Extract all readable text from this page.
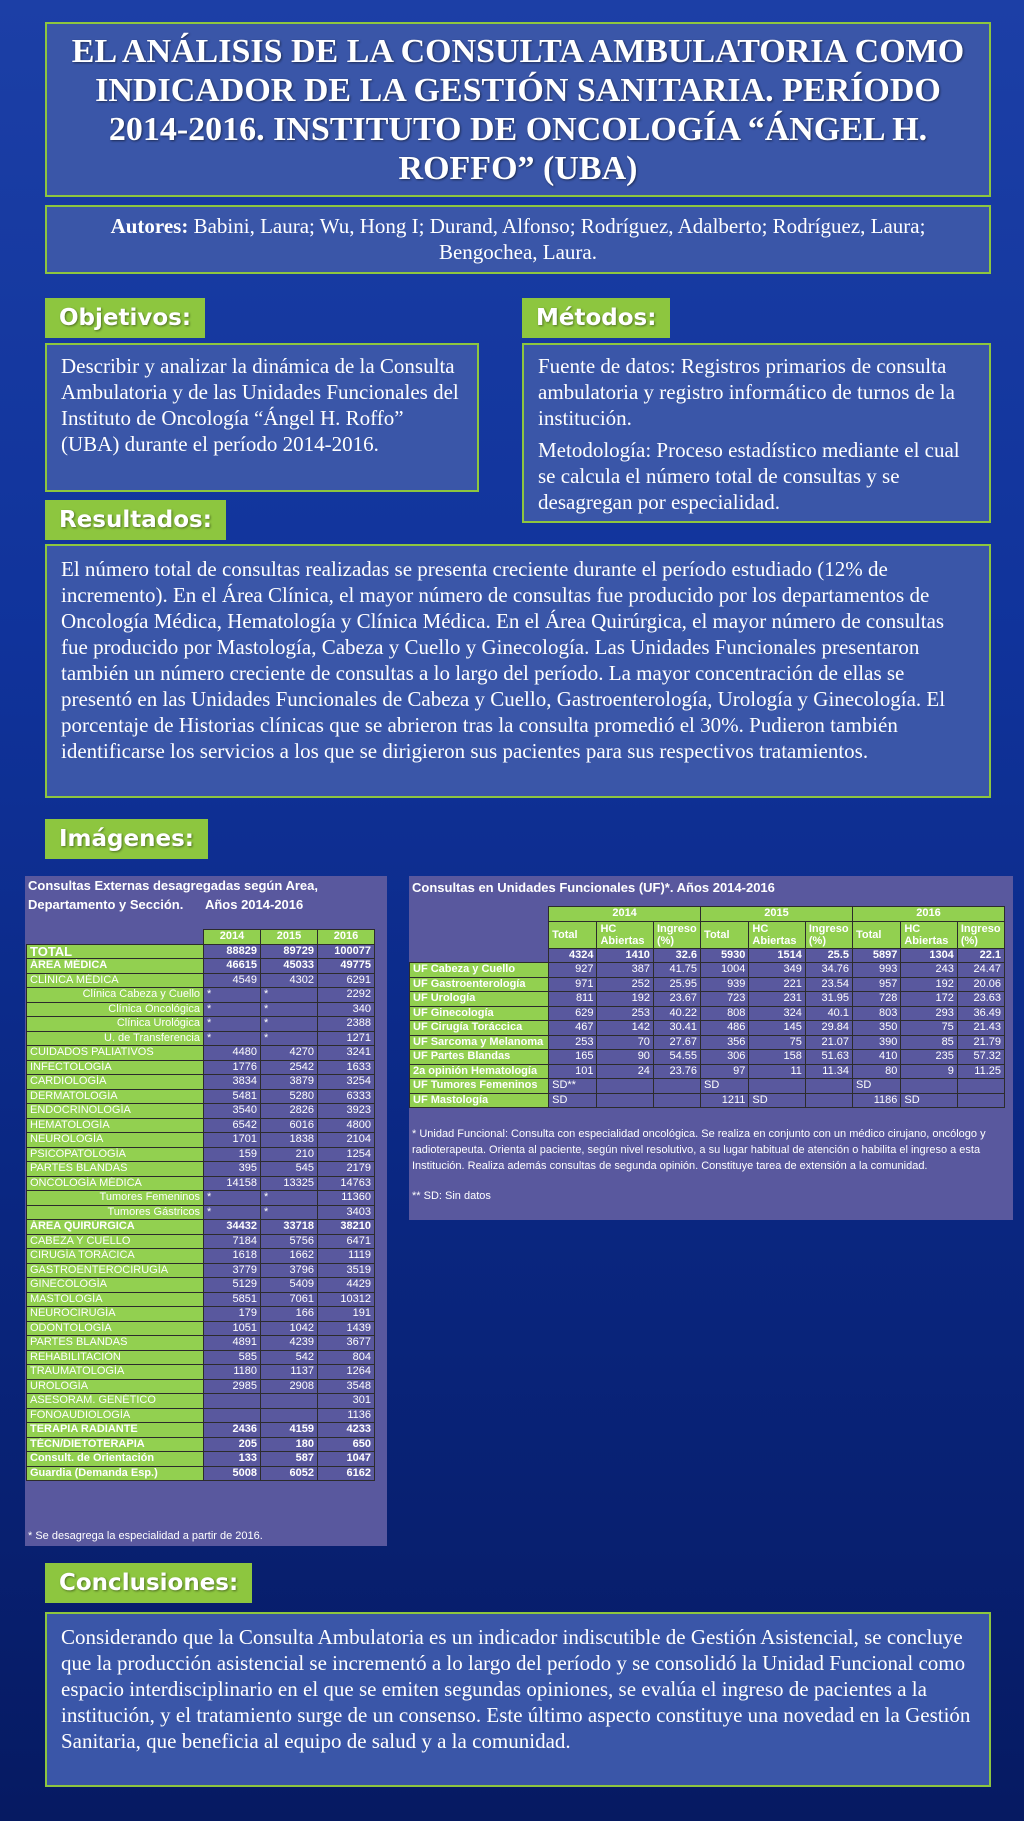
EL ANÁLISIS DE LA CONSULTA AMBULATORIA COMO INDICADOR DE LA GESTIÓN SANITARIA. PERÍODO 2014-2016. INSTITUTO DE ONCOLOGÍA “ÁNGEL H. ROFFO” (UBA)
Autores: Babini, Laura; Wu, Hong I; Durand, Alfonso; Rodríguez, Adalberto; Rodríguez, Laura; Bengochea, Laura.
Objetivos:
Describir y analizar la dinámica de la Consulta Ambulatoria y de las Unidades Funcionales del Instituto de Oncología “Ángel H. Roffo” (UBA) durante el período 2014-2016.
Métodos:

Fuente de datos: Registros primarios de consulta ambulatoria y registro informático de turnos de la institución.

Metodología: Proceso estadístico mediante el cual se calcula el número total de consultas y se desagregan por especialidad.

Resultados:
El número total de consultas realizadas se presenta creciente durante el período estudiado (12% de incremento). En el Área Clínica, el mayor número de consultas fue producido por los departamentos de Oncología Médica, Hematología y Clínica Médica. En el Área Quirúrgica, el mayor número de consultas fue producido por Mastología, Cabeza y Cuello y Ginecología. Las Unidades Funcionales presentaron también un número creciente de consultas a lo largo del período. La mayor concentración de ellas se presentó en las Unidades Funcionales de Cabeza y Cuello, Gastroenterología, Urología y Ginecología. El porcentaje de Historias clínicas que se abrieron tras la consulta promedió el 30%. Pudieron también identificarse los servicios a los que se dirigieron sus pacientes para sus respectivos tratamientos.
Imágenes:
Consultas Externas desagregadas según Area,
Departamento y Sección. Años 2014-2016
	2014	2015	2016
TOTAL	88829	89729	100077
ÁREA MÉDICA	46615	45033	49775
CLÍNICA MÉDICA	4549	4302	6291
Clínica Cabeza y Cuello	*	*	2292
Clínica Oncológica	*	*	340
Clínica Urológica	*	*	2388
U. de Transferencia	*	*	1271
CUIDADOS PALIATIVOS	4480	4270	3241
INFECTOLOGÍA	1776	2542	1633
CARDIOLOGÍA	3834	3879	3254
DERMATOLOGÍA	5481	5280	6333
ENDOCRINOLOGÍA	3540	2826	3923
HEMATOLOGÍA	6542	6016	4800
NEUROLOGÍA	1701	1838	2104
PSICOPATOLOGÍA	159	210	1254
PARTES BLANDAS	395	545	2179
ONCOLOGÍA MÉDICA	14158	13325	14763
Tumores Femeninos	*	*	11360
Tumores Gástricos	*	*	3403
ÁREA QUIRÚRGICA	34432	33718	38210
CABEZA Y CUELLO	7184	5756	6471
CIRUGÍA TORÁCICA	1618	1662	1119
GASTROENTEROCIRUGÍA	3779	3796	3519
GINECOLOGÍA	5129	5409	4429
MASTOLOGÍA	5851	7061	10312
NEUROCIRUGÍA	179	166	191
ODONTOLOGÍA	1051	1042	1439
PARTES BLANDAS	4891	4239	3677
REHABILITACIÓN	585	542	804
TRAUMATOLOGÍA	1180	1137	1264
UROLOGÍA	2985	2908	3548
ASESORAM. GENÉTICO			301
FONOAUDIOLOGÍA			1136
TERAPIA RADIANTE	2436	4159	4233
TÉCN/DIETOTERAPIA	205	180	650
Consult. de Orientación	133	587	1047
Guardia (Demanda Esp.)	5008	6052	6162
* Se desagrega la especialidad a partir de 2016.
Consultas en Unidades Funcionales (UF)*. Años 2014-2016
	2014			2015			2016		
	Total	HC Abiertas	Ingreso (%)	Total	HC Abiertas	Ingreso (%)	Total	HC Abiertas	Ingreso (%)
	4324	1410	32.6	5930	1514	25.5	5897	1304	22.1
UF Cabeza y Cuello	927	387	41.75	1004	349	34.76	993	243	24.47
UF Gastroenterología	971	252	25.95	939	221	23.54	957	192	20.06
UF Urología	811	192	23.67	723	231	31.95	728	172	23.63
UF Ginecología	629	253	40.22	808	324	40.1	803	293	36.49
UF Cirugía Toráccica	467	142	30.41	486	145	29.84	350	75	21.43
UF Sarcoma y Melanoma	253	70	27.67	356	75	21.07	390	85	21.79
UF Partes Blandas	165	90	54.55	306	158	51.63	410	235	57.32
2a opinión Hematología	101	24	23.76	97	11	11.34	80	9	11.25
UF Tumores Femeninos	SD**			SD			SD		
UF Mastología	SD			1211	SD		1186	SD	

* Unidad Funcional: Consulta con especialidad oncológica. Se realiza en conjunto con un médico cirujano, oncólogo y radioterapeuta. Orienta al paciente, según nivel resolutivo, a su lugar habitual de atención o habilita el ingreso a esta Institución. Realiza además consultas de segunda opinión. Constituye tarea de extensión a la comunidad.

** SD: Sin datos

Conclusiones:
Considerando que la Consulta Ambulatoria es un indicador indiscutible de Gestión Asistencial, se concluye que la producción asistencial se incrementó a lo largo del período y se consolidó la Unidad Funcional como espacio interdisciplinario en el que se emiten segundas opiniones, se evalúa el ingreso de pacientes a la institución, y el tratamiento surge de un consenso. Este último aspecto constituye una novedad en la Gestión Sanitaria, que beneficia al equipo de salud y a la comunidad.
